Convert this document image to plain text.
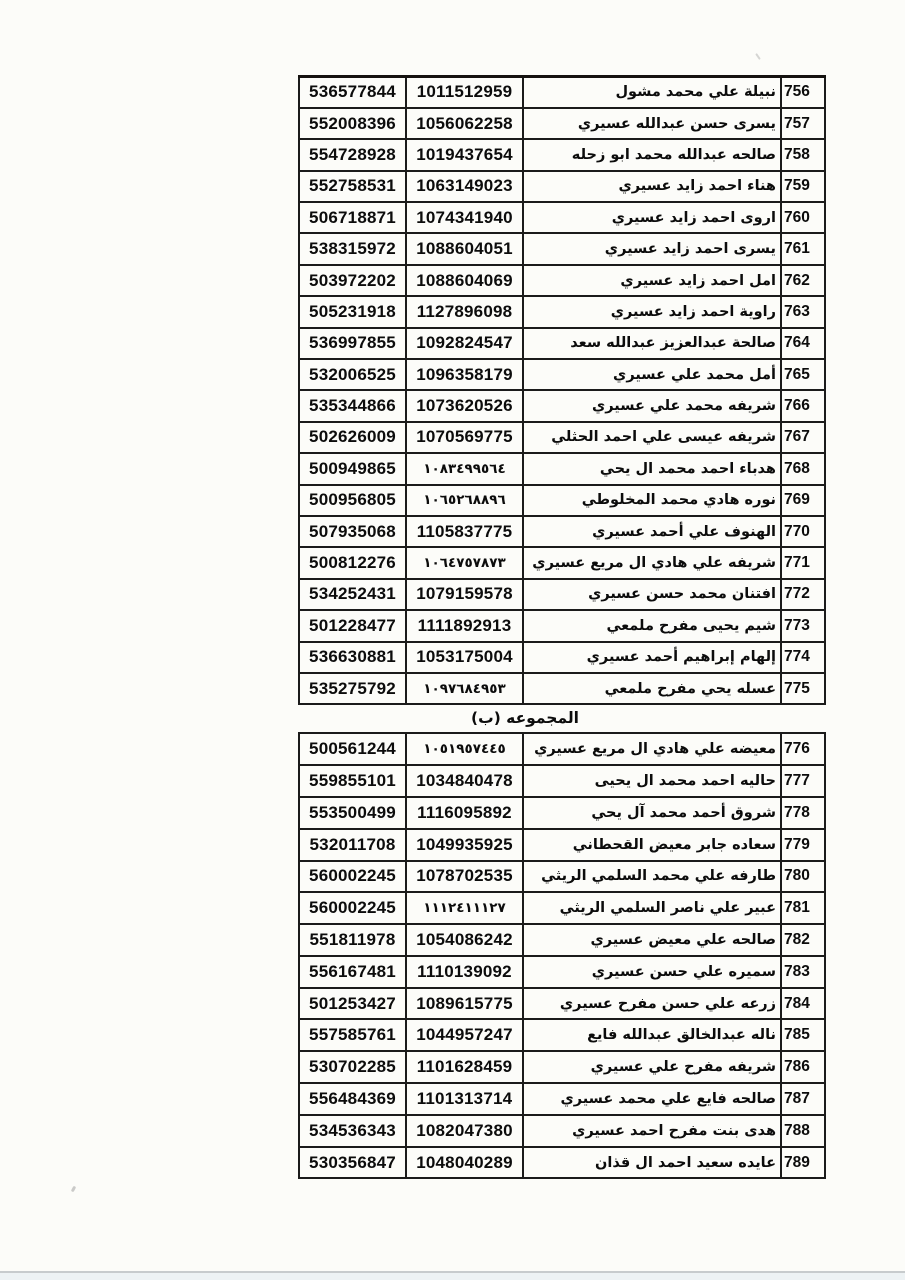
536577844	1011512959	نبيلة علي محمد مشول	756
552008396	1056062258	يسرى حسن عبدالله عسيري	757
554728928	1019437654	صالحه عبدالله محمد ابو زحله	758
552758531	1063149023	هناء احمد زايد عسيري	759
506718871	1074341940	اروى احمد زايد عسيري	760
538315972	1088604051	يسرى احمد زايد عسيري	761
503972202	1088604069	امل احمد زايد عسيري	762
505231918	1127896098	راوية احمد زايد عسيري	763
536997855	1092824547	صالحة عبدالعزيز عبدالله سعد	764
532006525	1096358179	أمل محمد علي عسيري	765
535344866	1073620526	شريفه محمد علي عسيري	766
502626009	1070569775	شريفه عيسى علي احمد الحثلي	767
500949865	١٠٨٣٤٩٩٥٦٤	هدباء احمد محمد ال يحي	768
500956805	١٠٦٥٢٦٨٨٩٦	نوره هادي محمد المخلوطي	769
507935068	1105837775	الهنوف علي أحمد عسيري	770
500812276	١٠٦٤٧٥٧٨٧٣	شريفه علي هادي ال مريع عسيري	771
534252431	1079159578	افتنان محمد حسن عسيري	772
501228477	1111892913	شيم يحيى مفرح ملمعي	773
536630881	1053175004	إلهام إبراهيم أحمد عسيري	774
535275792	١٠٩٧٦٨٤٩٥٣	عسله يحي مفرح ملمعي	775
المجموعه (ب)
500561244	١٠٥١٩٥٧٤٤٥	معيضه علي هادي ال مريع عسيري	776
559855101	1034840478	حاليه احمد محمد ال يحيى	777
553500499	1116095892	شروق أحمد محمد آل يحي	778
532011708	1049935925	سعاده جابر معيض القحطاني	779
560002245	1078702535	طارفه علي محمد السلمي الريثي	780
560002245	١١١٢٤١١١٢٧	عبير علي ناصر السلمي الريثي	781
551811978	1054086242	صالحه علي معيض عسيري	782
556167481	1110139092	سميره علي حسن عسيري	783
501253427	1089615775	زرعه علي حسن مفرح عسيري	784
557585761	1044957247	ناله عبدالخالق عبدالله فايع	785
530702285	1101628459	شريفه مفرح علي عسيري	786
556484369	1101313714	صالحه فايع علي محمد عسيري	787
534536343	1082047380	هدى بنت مفرح احمد عسيري	788
530356847	1048040289	عايده سعيد احمد ال قذان	789
